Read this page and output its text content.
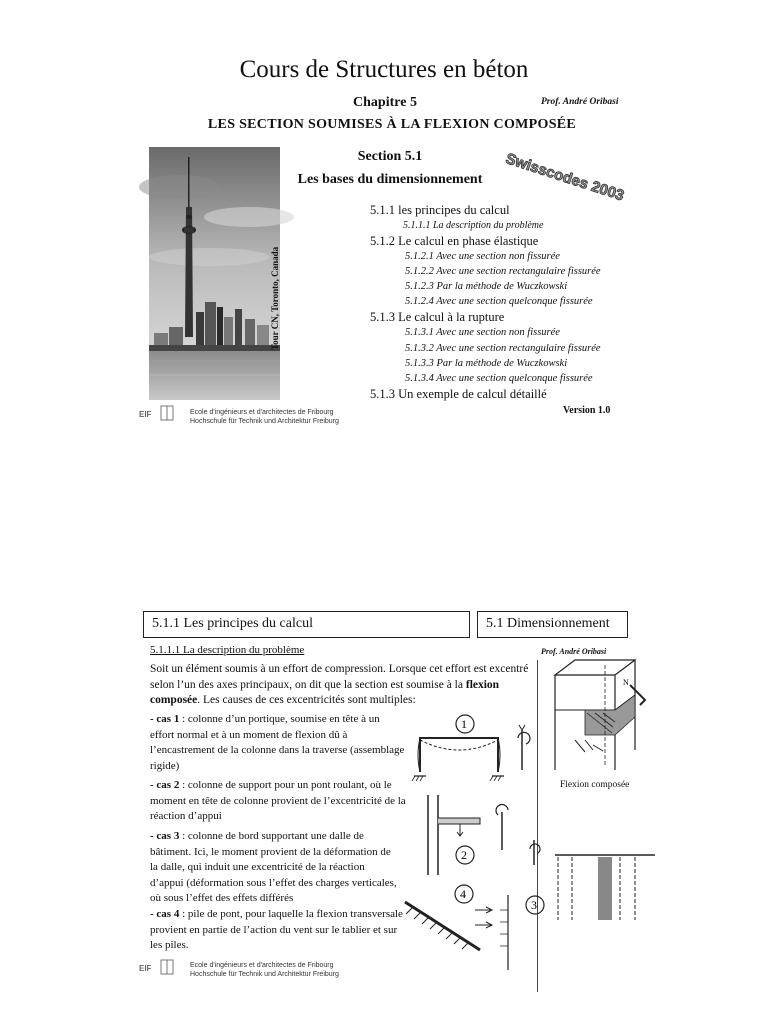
Cours de Structures en béton
Chapitre 5	Prof. André Oribasi
LES SECTION SOUMISES À LA FLEXION COMPOSÉE
Tour CN, Toronto, Canada
Section 5.1
Les bases du dimensionnement	Swisscodes 2003
5.1.1 les principes du calcul
5.1.1.1 La description du problème
5.1.2 Le calcul en phase élastique
5.1.2.1 Avec une section non fissurée
5.1.2.2 Avec une section rectangulaire fissurée
5.1.2.3 Par la méthode de Wuczkowski
5.1.2.4 Avec une section quelconque fissurée
5.1.3 Le calcul à la rupture
5.1.3.1 Avec une section non fissurée
5.1.3.2 Avec une section rectangulaire fissurée
5.1.3.3 Par la méthode de Wuczkowski
5.1.3.4 Avec une section quelconque fissurée
5.1.3 Un exemple de calcul détaillé
Version 1.0
EIF	Ecole d'ingénieurs et d'architectes de Fribourg
Hochschule für Technik und Architektur Freiburg
5.1.1 Les principes du calcul	5.1 Dimensionnement
5.1.1.1 La description du problème	Prof. André Oribasi
Soit un élément soumis à un effort de compression. Lorsque cet effort est excentré selon l’un des axes principaux, on dit que la section est soumise à la flexion composée. Les causes de ces excentricités sont multiples:
- cas 1 : colonne d’un portique, soumise en tête à un effort normal et à un moment de flexion dû à l’encastrement de la colonne dans la traverse (assemblage rigide)
- cas 2 : colonne de support pour un pont roulant, où le moment en tête de colonne provient de l’excentricité de la réaction d’appui
- cas 3 : colonne de bord supportant une dalle de bâtiment. Ici, le moment provient de la déformation de la dalle, qui induit une excentricité de la réaction d’appui (déformation sous l’effet des charges verticales, où sous l’effet des effets différés
- cas 4 : pile de pont, pour laquelle la flexion transversale provient en partie de l’action du vent sur le tablier et sur les piles.
1
N
Flexion composée
2
3
4
EIF	Ecole d'ingénieurs et d'architectes de Fribourg
Hochschule für Technik und Architektur Freiburg
